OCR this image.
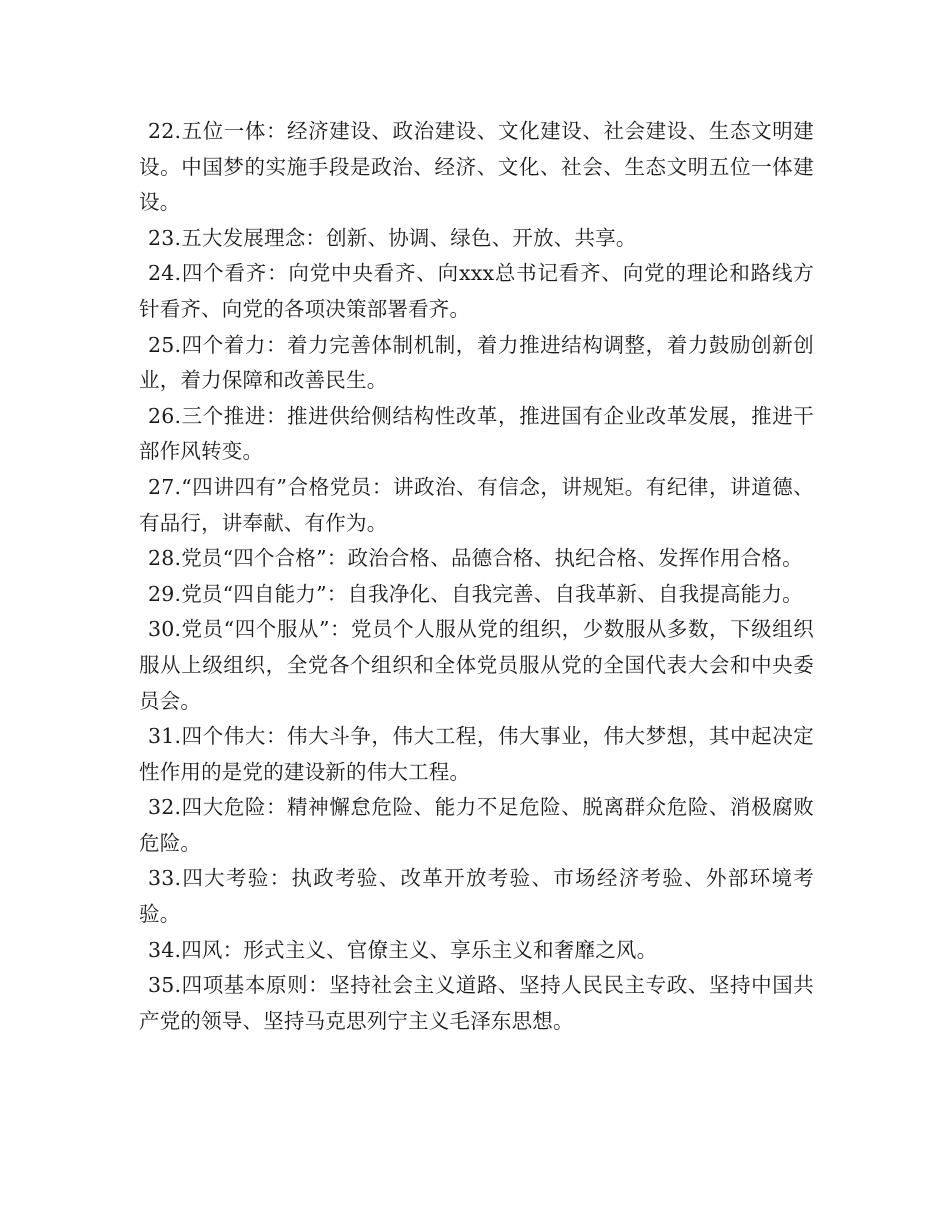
22.五位一体：经济建设、政治建设、文化建设、社会建设、生态文明建设。中国梦的实施手段是政治、经济、文化、社会、生态文明五位一体建设。

23.五大发展理念：创新、协调、绿色、开放、共享。

24.四个看齐：向党中央看齐、向xxx总书记看齐、向党的理论和路线方针看齐、向党的各项决策部署看齐。

25.四个着力：着力完善体制机制，着力推进结构调整，着力鼓励创新创业，着力保障和改善民生。

26.三个推进：推进供给侧结构性改革，推进国有企业改革发展，推进干部作风转变。

27.“四讲四有”合格党员：讲政治、有信念，讲规矩。有纪律，讲道德、有品行，讲奉献、有作为。

28.党员“四个合格”：政治合格、品德合格、执纪合格、发挥作用合格。

29.党员“四自能力”：自我净化、自我完善、自我革新、自我提高能力。

30.党员“四个服从”：党员个人服从党的组织，少数服从多数，下级组织服从上级组织，全党各个组织和全体党员服从党的全国代表大会和中央委员会。

31.四个伟大：伟大斗争，伟大工程，伟大事业，伟大梦想，其中起决定性作用的是党的建设新的伟大工程。

32.四大危险：精神懈怠危险、能力不足危险、脱离群众危险、消极腐败危险。

33.四大考验：执政考验、改革开放考验、市场经济考验、外部环境考验。

34.四风：形式主义、官僚主义、享乐主义和奢靡之风。

35.四项基本原则：坚持社会主义道路、坚持人民民主专政、坚持中国共产党的领导、坚持马克思列宁主义毛泽东思想。
